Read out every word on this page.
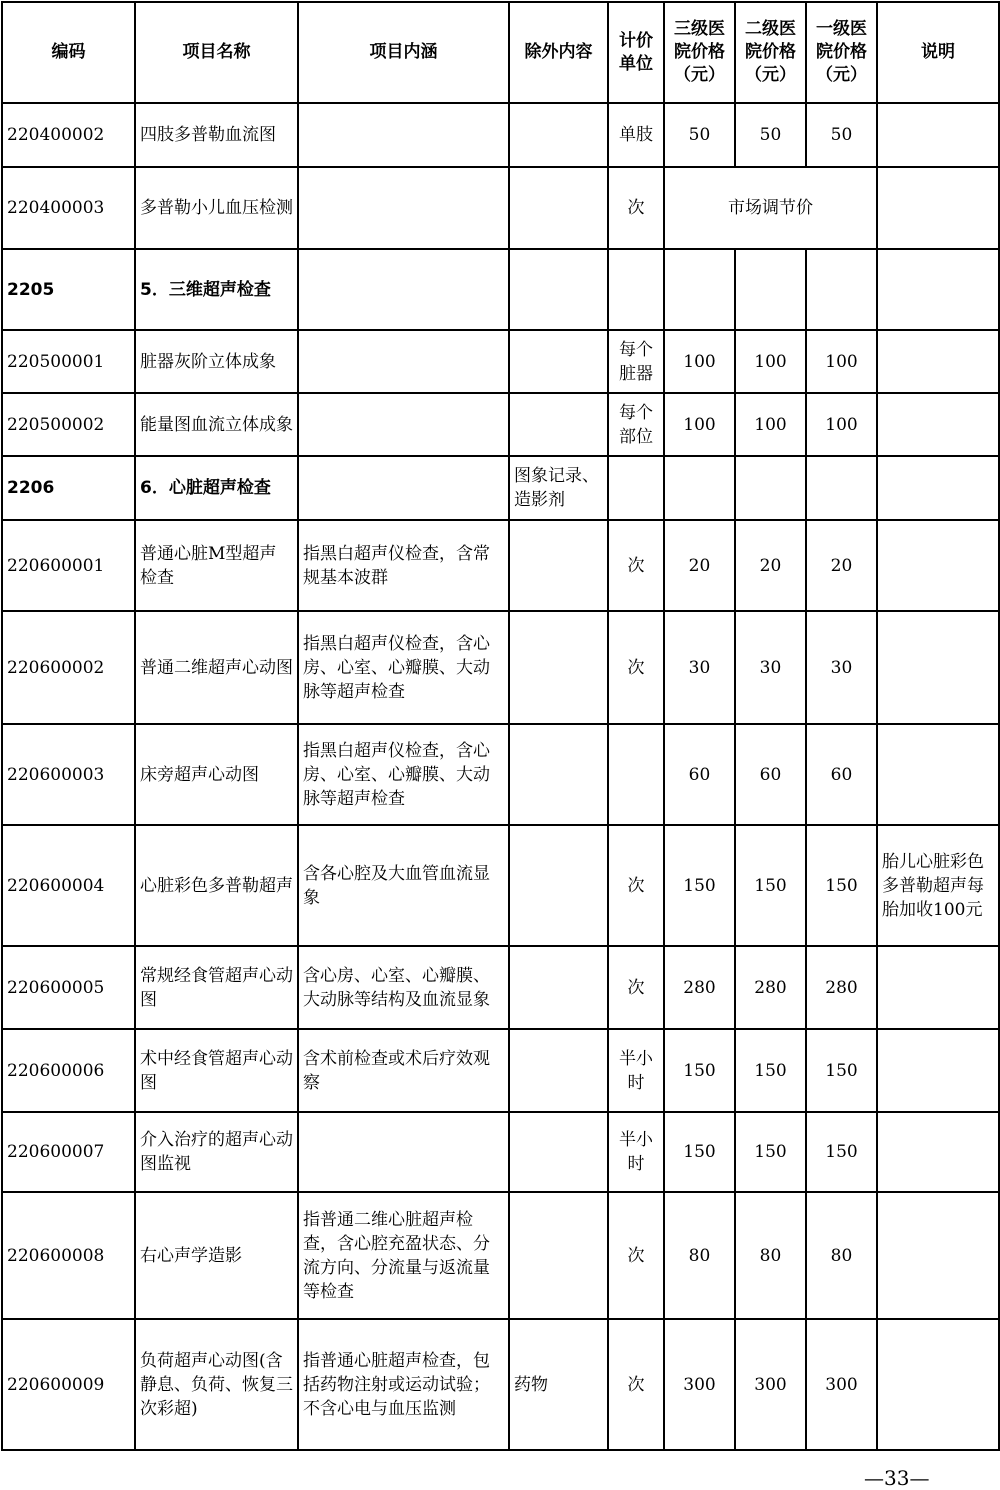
编码	项目名称	项目内涵	除外内容	计价单位	三级医院价格（元）	二级医院价格（元）	一级医院价格（元）	说明
220400002	四肢多普勒血流图			单肢	50	50	50	
220400003	多普勒小儿血压检测			次	市场调节价			
2205	5．三维超声检查							
220500001	脏器灰阶立体成象			每个脏器	100	100	100	
220500002	能量图血流立体成象			每个部位	100	100	100	
2206	6．心脏超声检查		图象记录、造影剂					
220600001	普通心脏M型超声检查	指黑白超声仪检查，含常规基本波群		次	20	20	20	
220600002	普通二维超声心动图	指黑白超声仪检查，含心房、心室、心瓣膜、大动脉等超声检查		次	30	30	30	
220600003	床旁超声心动图	指黑白超声仪检查，含心房、心室、心瓣膜、大动脉等超声检查			60	60	60	
220600004	心脏彩色多普勒超声	含各心腔及大血管血流显象		次	150	150	150	胎儿心脏彩色多普勒超声每胎加收100元
220600005	常规经食管超声心动图	含心房、心室、心瓣膜、大动脉等结构及血流显象		次	280	280	280	
220600006	术中经食管超声心动图	含术前检查或术后疗效观察		半小时	150	150	150	
220600007	介入治疗的超声心动图监视			半小时	150	150	150	
220600008	右心声学造影	指普通二维心脏超声检查，含心腔充盈状态、分流方向、分流量与返流量等检查		次	80	80	80	
220600009	负荷超声心动图(含静息、负荷、恢复三次彩超)	指普通心脏超声检查，包括药物注射或运动试验；不含心电与血压监测	药物	次	300	300	300	
—33—
